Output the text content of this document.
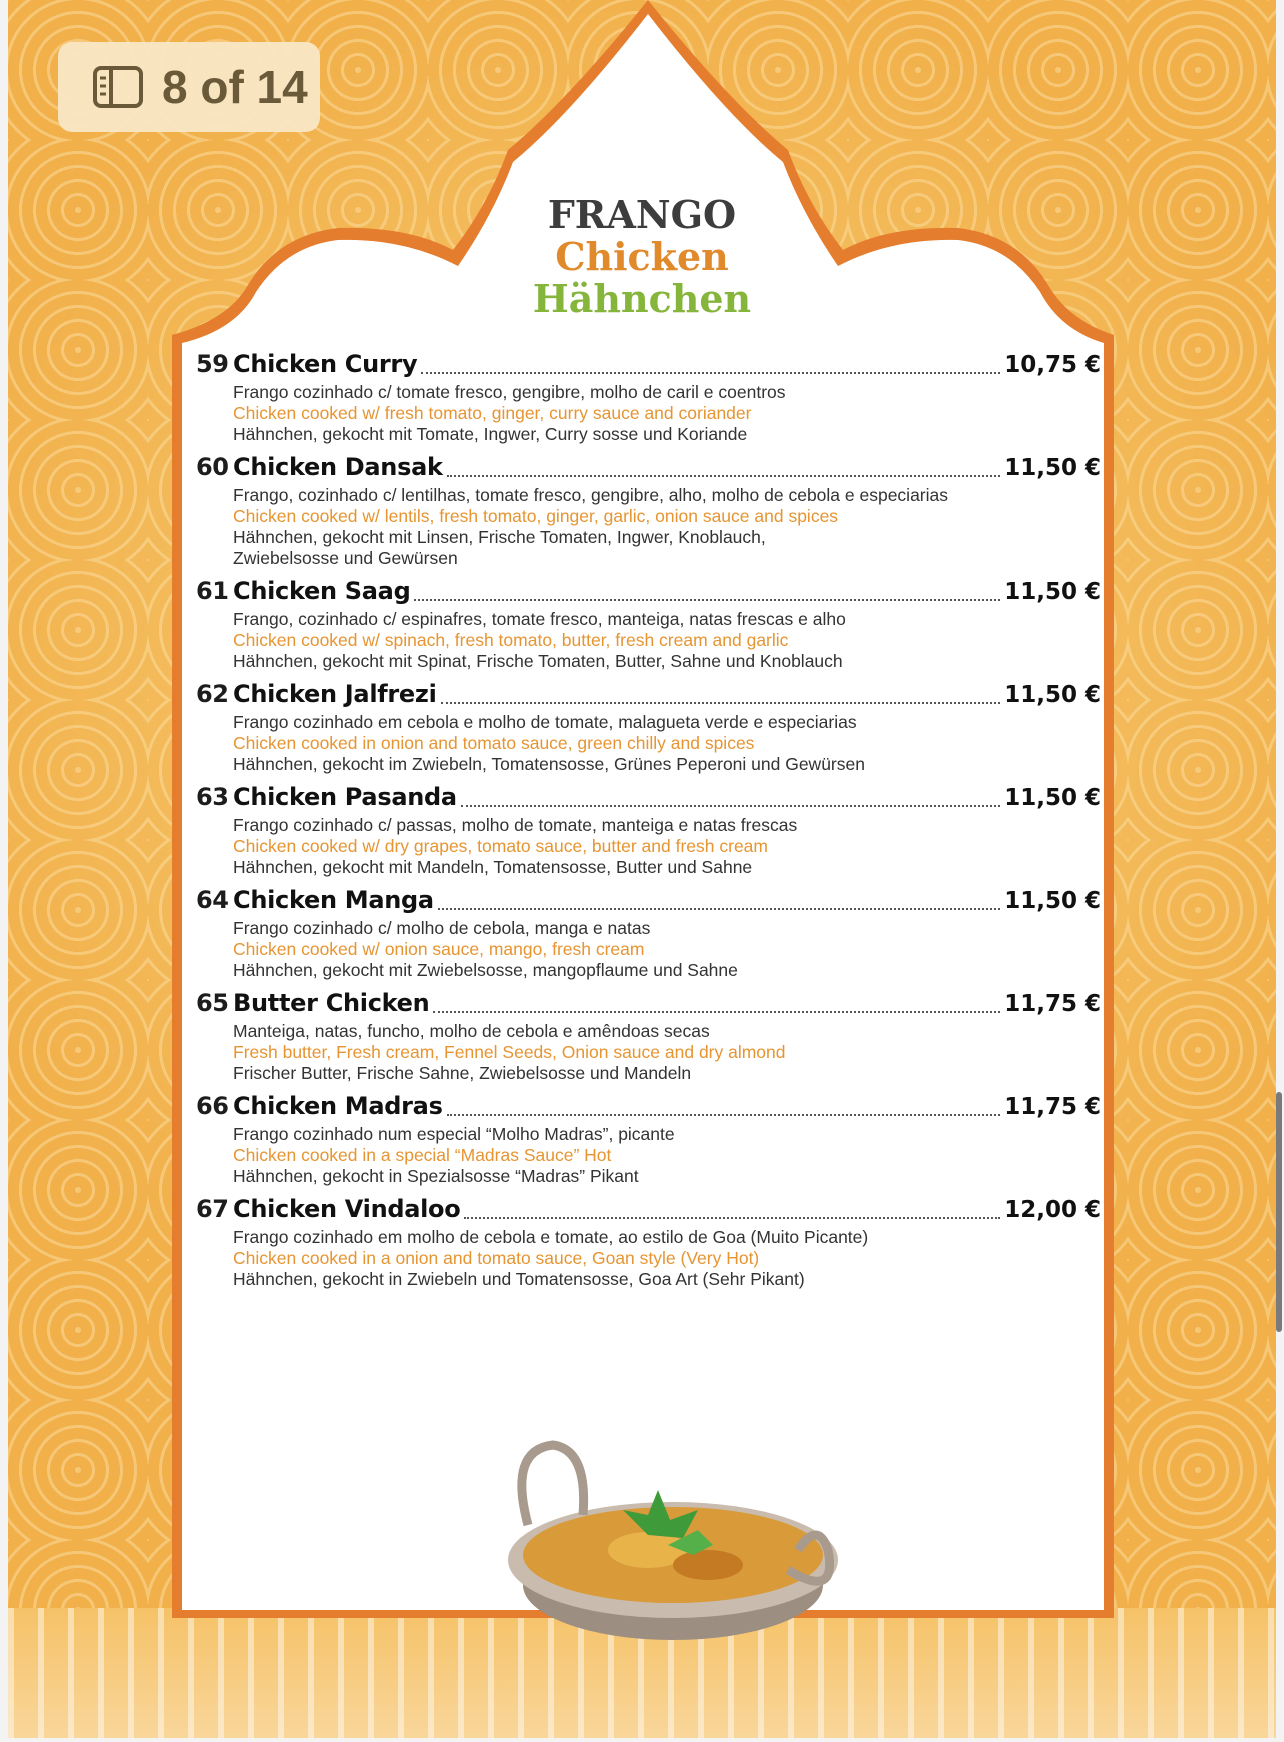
8 of 14
FRANGO
Chicken
Hähnchen
59 Chicken Curry	10,75 €
Frango cozinhado c/ tomate fresco, gengibre, molho de caril e coentros
Chicken cooked w/ fresh tomato, ginger, curry sauce and coriander
Hähnchen, gekocht mit Tomate, Ingwer, Curry sosse und Koriande
60 Chicken Dansak	11,50 €
Frango, cozinhado c/ lentilhas, tomate fresco, gengibre, alho, molho de cebola e especiarias
Chicken cooked w/ lentils, fresh tomato, ginger, garlic, onion sauce and spices
Hähnchen, gekocht mit Linsen, Frische Tomaten, Ingwer, Knoblauch,
Zwiebelsosse und Gewürsen
61 Chicken Saag	11,50 €
Frango, cozinhado c/ espinafres, tomate fresco, manteiga, natas frescas e alho
Chicken cooked w/ spinach, fresh tomato, butter, fresh cream and garlic
Hähnchen, gekocht mit Spinat, Frische Tomaten, Butter, Sahne und Knoblauch
62 Chicken Jalfrezi	11,50 €
Frango cozinhado em cebola e molho de tomate, malagueta verde e especiarias
Chicken cooked in onion and tomato sauce, green chilly and spices
Hähnchen, gekocht im Zwiebeln, Tomatensosse, Grünes Peperoni und Gewürsen
63 Chicken Pasanda	11,50 €
Frango cozinhado c/ passas, molho de tomate, manteiga e natas frescas
Chicken cooked w/ dry grapes, tomato sauce, butter and fresh cream
Hähnchen, gekocht mit Mandeln, Tomatensosse, Butter und Sahne
64 Chicken Manga	11,50 €
Frango cozinhado c/ molho de cebola, manga e natas
Chicken cooked w/ onion sauce, mango, fresh cream
Hähnchen, gekocht mit Zwiebelsosse, mangopflaume und Sahne
65 Butter Chicken	11,75 €
Manteiga, natas, funcho, molho de cebola e amêndoas secas
Fresh butter, Fresh cream, Fennel Seeds, Onion sauce and dry almond
Frischer Butter, Frische Sahne, Zwiebelsosse und Mandeln
66 Chicken Madras	11,75 €
Frango cozinhado num especial “Molho Madras”, picante
Chicken cooked in a special “Madras Sauce” Hot
Hähnchen, gekocht in Spezialsosse “Madras” Pikant
67 Chicken Vindaloo	12,00 €
Frango cozinhado em molho de cebola e tomate, ao estilo de Goa (Muito Picante)
Chicken cooked in a onion and tomato sauce, Goan style (Very Hot)
Hähnchen, gekocht in Zwiebeln und Tomatensosse, Goa Art (Sehr Pikant)
